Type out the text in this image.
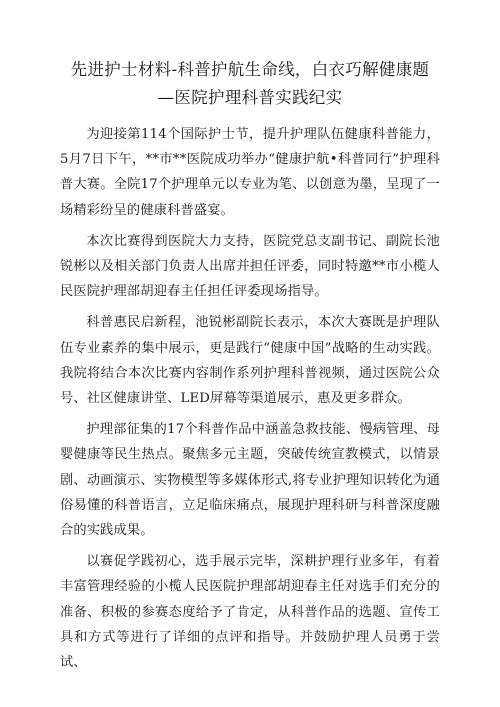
先进护士材料-科普护航生命线，白衣巧解健康题
—医院护理科普实践纪实

为迎接第114个国际护士节，提升护理队伍健康科普能力，5月7日下午，**市**医院成功举办“健康护航•科普同行”护理科普大赛。全院17个护理单元以专业为笔、以创意为墨，呈现了一场精彩纷呈的健康科普盛宴。

本次比赛得到医院大力支持，医院党总支副书记、副院长池锐彬以及相关部门负责人出席并担任评委，同时特邀**市小榄人民医院护理部胡迎春主任担任评委现场指导。

科普惠民启新程，池锐彬副院长表示，本次大赛既是护理队伍专业素养的集中展示，更是践行“健康中国”战略的生动实践。我院将结合本次比赛内容制作系列护理科普视频，通过医院公众号、社区健康讲堂、LED屏幕等渠道展示，惠及更多群众。

护理部征集的17个科普作品中涵盖急救技能、慢病管理、母婴健康等民生热点。聚焦多元主题，突破传统宣教模式，以情景剧、动画演示、实物模型等多媒体形式,将专业护理知识转化为通俗易懂的科普语言，立足临床痛点，展现护理科研与科普深度融合的实践成果。

以赛促学践初心，选手展示完毕，深耕护理行业多年，有着丰富管理经验的小榄人民医院护理部胡迎春主任对选手们充分的准备、积极的参赛态度给予了肯定，从科普作品的选题、宣传工具和方式等进行了详细的点评和指导。并鼓励护理人员勇于尝试、
